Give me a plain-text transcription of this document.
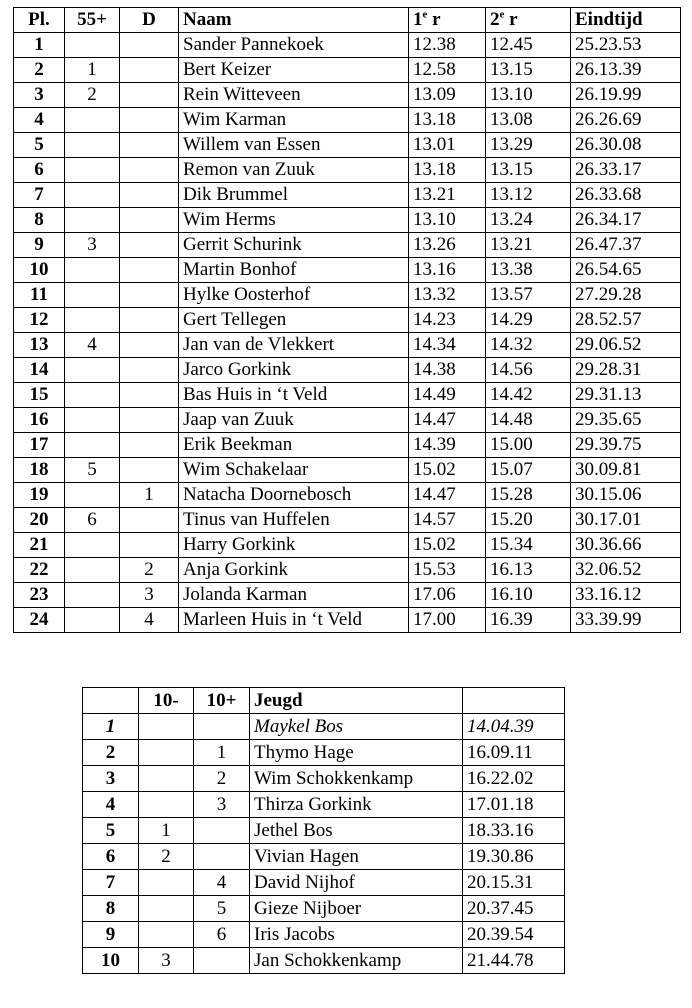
Pl.	55+	D	Naam	1e r	2e r	Eindtijd
1			Sander Pannekoek	12.38	12.45	25.23.53
2	1		Bert Keizer	12.58	13.15	26.13.39
3	2		Rein Witteveen	13.09	13.10	26.19.99
4			Wim Karman	13.18	13.08	26.26.69
5			Willem van Essen	13.01	13.29	26.30.08
6			Remon van Zuuk	13.18	13.15	26.33.17
7			Dik Brummel	13.21	13.12	26.33.68
8			Wim Herms	13.10	13.24	26.34.17
9	3		Gerrit Schurink	13.26	13.21	26.47.37
10			Martin Bonhof	13.16	13.38	26.54.65
11			Hylke Oosterhof	13.32	13.57	27.29.28
12			Gert Tellegen	14.23	14.29	28.52.57
13	4		Jan van de Vlekkert	14.34	14.32	29.06.52
14			Jarco Gorkink	14.38	14.56	29.28.31
15			Bas Huis in ‘t Veld	14.49	14.42	29.31.13
16			Jaap van Zuuk	14.47	14.48	29.35.65
17			Erik Beekman	14.39	15.00	29.39.75
18	5		Wim Schakelaar	15.02	15.07	30.09.81
19		1	Natacha Doornebosch	14.47	15.28	30.15.06
20	6		Tinus van Huffelen	14.57	15.20	30.17.01
21			Harry Gorkink	15.02	15.34	30.36.66
22		2	Anja Gorkink	15.53	16.13	32.06.52
23		3	Jolanda Karman	17.06	16.10	33.16.12
24		4	Marleen Huis in ‘t Veld	17.00	16.39	33.39.99
	10-	10+	Jeugd	
1			Maykel Bos	14.04.39
2		1	Thymo Hage	16.09.11
3		2	Wim Schokkenkamp	16.22.02
4		3	Thirza Gorkink	17.01.18
5	1		Jethel Bos	18.33.16
6	2		Vivian Hagen	19.30.86
7		4	David Nijhof	20.15.31
8		5	Gieze Nijboer	20.37.45
9		6	Iris Jacobs	20.39.54
10	3		Jan Schokkenkamp	21.44.78
